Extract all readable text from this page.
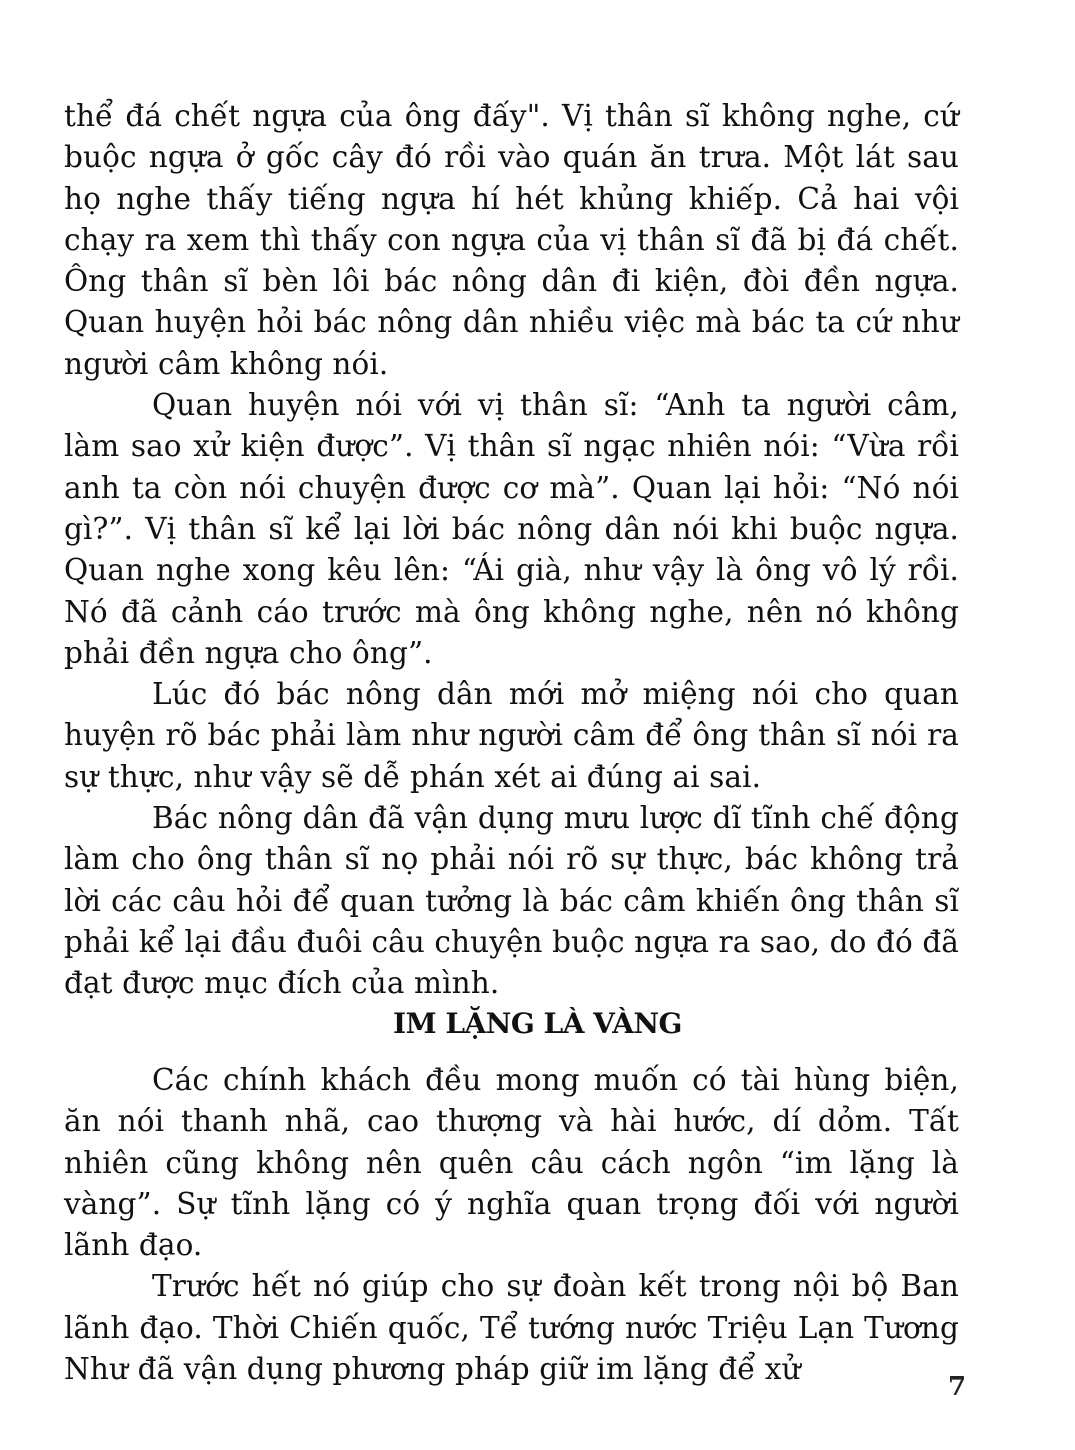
thể đá chết ngựa của ông đấy". Vị thân sĩ không nghe, cứ buộc ngựa ở gốc cây đó rồi vào quán ăn trưa. Một lát sau họ nghe thấy tiếng ngựa hí hét khủng khiếp. Cả hai vội chạy ra xem thì thấy con ngựa của vị thân sĩ đã bị đá chết. Ông thân sĩ bèn lôi bác nông dân đi kiện, đòi đền ngựa. Quan huyện hỏi bác nông dân nhiều việc mà bác ta cứ như người câm không nói.

Quan huyện nói với vị thân sĩ: “Anh ta người câm, làm sao xử kiện được”. Vị thân sĩ ngạc nhiên nói: “Vừa rồi anh ta còn nói chuyện được cơ mà”. Quan lại hỏi: “Nó nói gì?”. Vị thân sĩ kể lại lời bác nông dân nói khi buộc ngựa. Quan nghe xong kêu lên: “Ái già, như vậy là ông vô lý rồi. Nó đã cảnh cáo trước mà ông không nghe, nên nó không phải đền ngựa cho ông”.

Lúc đó bác nông dân mới mở miệng nói cho quan huyện rõ bác phải làm như người câm để ông thân sĩ nói ra sự thực, như vậy sẽ dễ phán xét ai đúng ai sai.

Bác nông dân đã vận dụng mưu lược dĩ tĩnh chế động làm cho ông thân sĩ nọ phải nói rõ sự thực, bác không trả lời các câu hỏi để quan tưởng là bác câm khiến ông thân sĩ phải kể lại đầu đuôi câu chuyện buộc ngựa ra sao, do đó đã đạt được mục đích của mình.

IM LẶNG LÀ VÀNG

Các chính khách đều mong muốn có tài hùng biện, ăn nói thanh nhã, cao thượng và hài hước, dí dỏm. Tất nhiên cũng không nên quên câu cách ngôn “im lặng là vàng”. Sự tĩnh lặng có ý nghĩa quan trọng đối với người lãnh đạo.

Trước hết nó giúp cho sự đoàn kết trong nội bộ Ban lãnh đạo. Thời Chiến quốc, Tể tướng nước Triệu Lạn Tương Như đã vận dụng phương pháp giữ im lặng để xử

7
